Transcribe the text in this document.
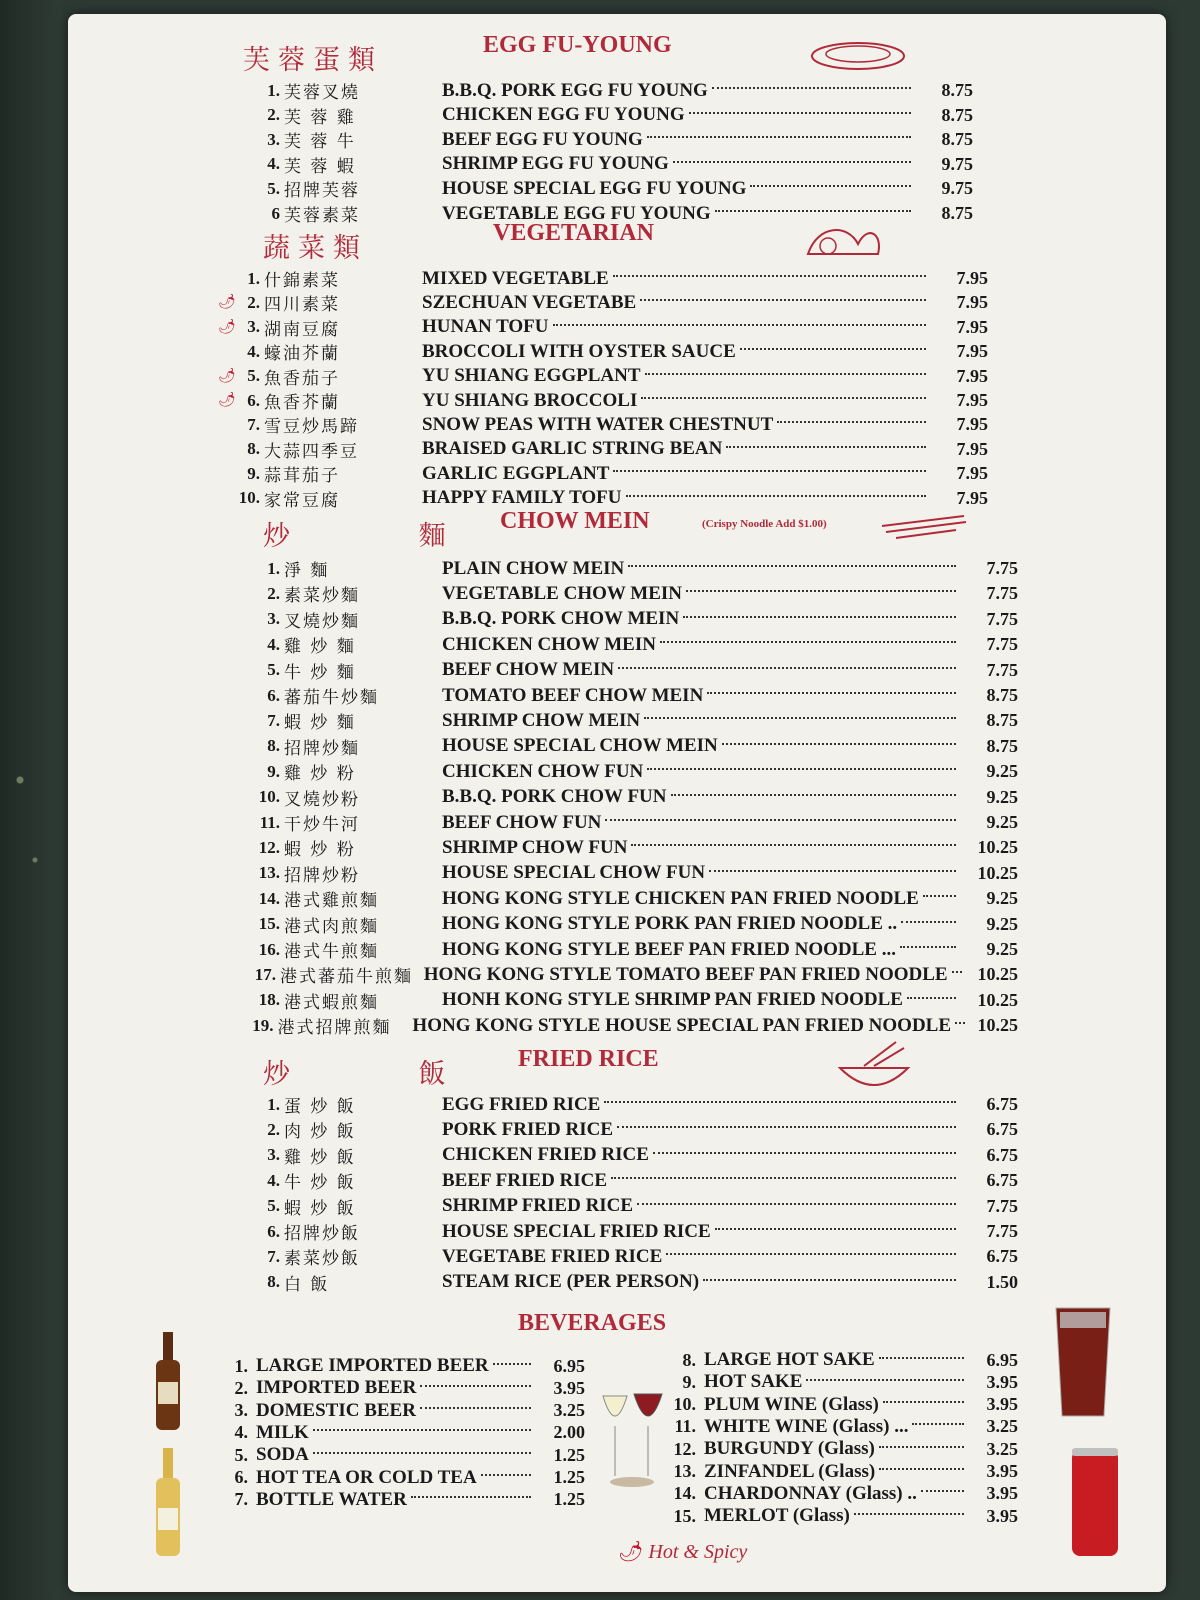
芙蓉蛋類	EGG FU-YOUNG
蔬菜類	VEGETARIAN
炒 麵
CHOW MEIN	(Crispy Noodle Add $1.00)
炒 飯 FRIED RICE
BEVERAGES
1. 芙蓉叉燒	B.B.Q. PORK EGG FU YOUNG	8.75
2. 芙 蓉 雞	CHICKEN EGG FU YOUNG	8.75
3. 芙 蓉 牛	BEEF EGG FU YOUNG	8.75
4. 芙 蓉 蝦	SHRIMP EGG FU YOUNG	9.75
5. 招牌芙蓉	HOUSE SPECIAL EGG FU YOUNG	9.75
6 芙蓉素菜	VEGETABLE EGG FU YOUNG	8.75
1. 什錦素菜	MIXED VEGETABLE	7.95
🌶 2. 四川素菜	SZECHUAN VEGETABE	7.95
🌶 3. 湖南豆腐	HUNAN TOFU	7.95
4. 蠔油芥蘭	BROCCOLI WITH OYSTER SAUCE	7.95
🌶 5. 魚香茄子	YU SHIANG EGGPLANT	7.95
🌶 6. 魚香芥蘭	YU SHIANG BROCCOLI	7.95
7. 雪豆炒馬蹄	SNOW PEAS WITH WATER CHESTNUT	7.95
8. 大蒜四季豆	BRAISED GARLIC STRING BEAN	7.95
9. 蒜茸茄子	GARLIC EGGPLANT	7.95
10. 家常豆腐	HAPPY FAMILY TOFU	7.95
1. 淨 麵	PLAIN CHOW MEIN	7.75
2. 素菜炒麵	VEGETABLE CHOW MEIN	7.75
3. 叉燒炒麵	B.B.Q. PORK CHOW MEIN	7.75
4. 雞 炒 麵	CHICKEN CHOW MEIN	7.75
5. 牛 炒 麵	BEEF CHOW MEIN	7.75
6. 蕃茄牛炒麵	TOMATO BEEF CHOW MEIN	8.75
7. 蝦 炒 麵	SHRIMP CHOW MEIN	8.75
8. 招牌炒麵	HOUSE SPECIAL CHOW MEIN	8.75
9. 雞 炒 粉	CHICKEN CHOW FUN	9.25
10. 叉燒炒粉	B.B.Q. PORK CHOW FUN	9.25
11. 干炒牛河	BEEF CHOW FUN	9.25
12. 蝦 炒 粉	SHRIMP CHOW FUN	10.25
13. 招牌炒粉	HOUSE SPECIAL CHOW FUN	10.25
14. 港式雞煎麵	HONG KONG STYLE CHICKEN PAN FRIED NOODLE	9.25
15. 港式肉煎麵	HONG KONG STYLE PORK PAN FRIED NOODLE ..	9.25
16. 港式牛煎麵	HONG KONG STYLE BEEF PAN FRIED NOODLE ...	9.25
17. 港式蕃茄牛煎麵 HONG KONG STYLE TOMATO BEEF PAN FRIED NOODLE	10.25
18. 港式蝦煎麵	HONH KONG STYLE SHRIMP PAN FRIED NOODLE	10.25
19. 港式招牌煎麵	HONG KONG STYLE HOUSE SPECIAL PAN FRIED NOODLE	10.25
1. 蛋 炒 飯	EGG FRIED RICE	6.75
2. 肉 炒 飯	PORK FRIED RICE	6.75
3. 雞 炒 飯	CHICKEN FRIED RICE	6.75
4. 牛 炒 飯	BEEF FRIED RICE	6.75
5. 蝦 炒 飯	SHRIMP FRIED RICE	7.75
6. 招牌炒飯	HOUSE SPECIAL FRIED RICE	7.75
7. 素菜炒飯	VEGETABE FRIED RICE	6.75
8. 白 飯	STEAM RICE (PER PERSON)	1.50
1. LARGE IMPORTED BEER	6.95
2. IMPORTED BEER	3.95
3. DOMESTIC BEER	3.25
4. MILK	2.00
5. SODA	1.25
6. HOT TEA OR COLD TEA	1.25
7. BOTTLE WATER	1.25
8. LARGE HOT SAKE	6.95
9. HOT SAKE	3.95
10. PLUM WINE (Glass)	3.95
11. WHITE WINE (Glass) ...	3.25
12. BURGUNDY (Glass)	3.25
13. ZINFANDEL (Glass)	3.95
14. CHARDONNAY (Glass) ..	3.95
15. MERLOT (Glass)	3.95
🌶 Hot & Spicy
